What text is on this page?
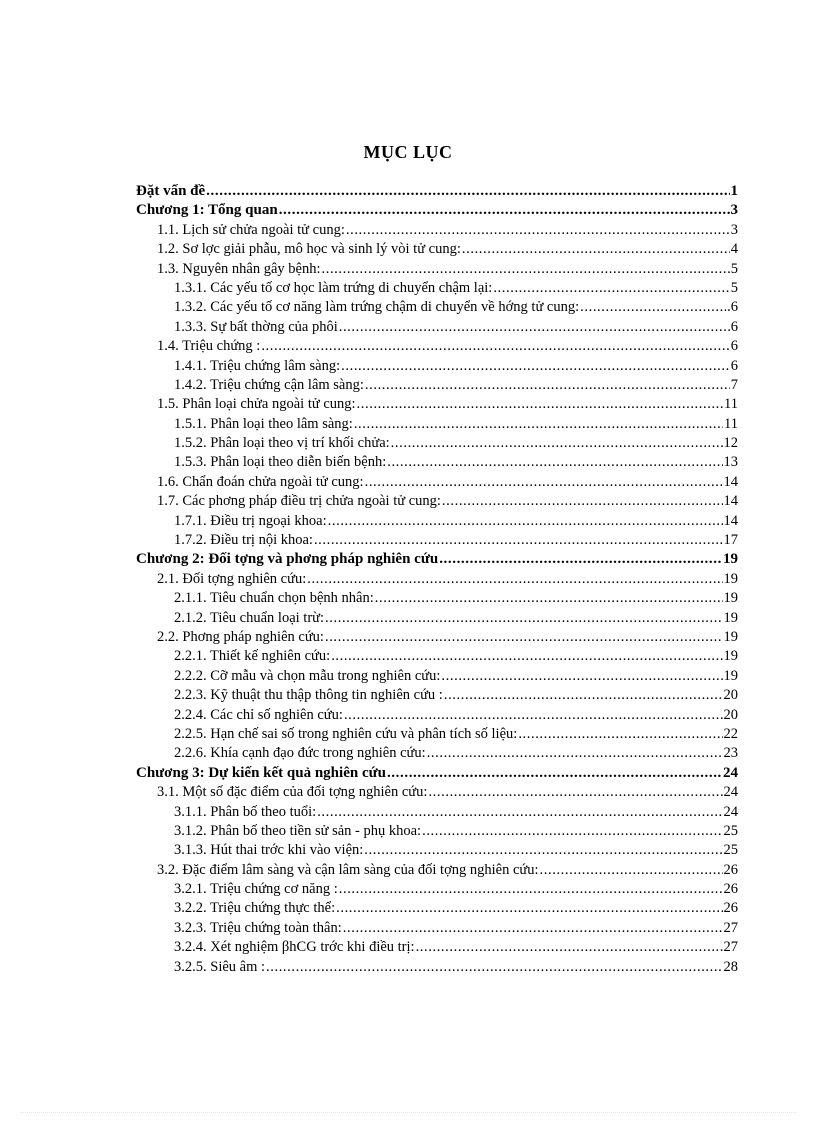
MỤC LỤC
Đặt vấn đề .....	1
Chương 1: Tổng quan .....	3
1.1. Lịch sử chửa ngoài tử cung: .....	3
1.2. Sơ lợc giải phẫu, mô học và sinh lý vòi tử cung: .....	4
1.3. Nguyên nhân gây bệnh: .....	5
1.3.1. Các yếu tố cơ học làm trứng di chuyển chậm lại: .....	5
1.3.2. Các yếu tố cơ năng làm trứng chậm di chuyển về hớng tử cung: .....	.6
1.3.3. Sự bất thờng của phôi .....	6
1.4. Triệu chứng : .....	6
1.4.1. Triệu chứng lâm sàng: .....	6
1.4.2. Triệu chứng cận lâm sàng: .....	7
1.5. Phân loại chửa ngoài tử cung: .....	11
1.5.1. Phân loại theo lâm sàng: .....	11
1.5.2. Phân loại theo vị trí khối chửa: .....	12
1.5.3. Phân loại theo diễn biến bệnh: .....	13
1.6. Chẩn đoán chửa ngoài tử cung: .....	14
1.7. Các phơng pháp điều trị chửa ngoài tử cung: .....	14
1.7.1. Điều trị ngoại khoa: .....	14
1.7.2. Điều trị nội khoa: .....	17
Chương 2: Đối tợng và phơng pháp nghiên cứu .....	19
2.1. Đối tợng nghiên cứu: .....	19
2.1.1. Tiêu chuẩn chọn bệnh nhân: .....	19
2.1.2. Tiêu chuẩn loại trừ: .....	19
2.2. Phơng pháp nghiên cứu: .....	19
2.2.1. Thiết kế nghiên cứu: .....	19
2.2.2. Cỡ mẫu và chọn mẫu trong nghiên cứu: .....	19
2.2.3. Kỹ thuật thu thập thông tin nghiên cứu : .....	20
2.2.4. Các chỉ số nghiên cứu: .....	20
2.2.5. Hạn chế sai số trong nghiên cứu và phân tích số liệu: .....	22
2.2.6. Khía cạnh đạo đức trong nghiên cứu: .....	23
Chương 3: Dự kiến kết quả nghiên cứu .....	24
3.1. Một số đặc điểm của đối tợng nghiên cứu: .....	24
3.1.1. Phân bố theo tuổi: .....	24
3.1.2. Phân bố theo tiền sử sản - phụ khoa: .....	25
3.1.3. Hút thai trớc khi vào viện: .....	25
3.2. Đặc điểm lâm sàng và cận lâm sàng của đối tợng nghiên cứu: .....	26
3.2.1. Triệu chứng cơ năng : .....	26
3.2.2. Triệu chứng thực thể: .....	26
3.2.3. Triệu chứng toàn thân: .....	27
3.2.4. Xét nghiệm βhCG trớc khi điều trị: .....	27
3.2.5. Siêu âm : .....	28
